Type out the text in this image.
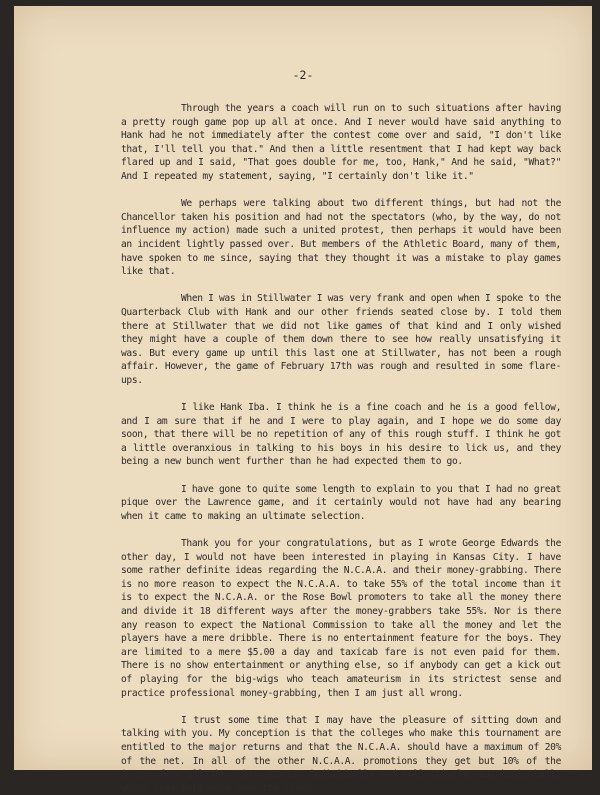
-2-

Through the years a coach will run on to such situations after having a pretty rough game pop up all at once. And I never would have said anything to Hank had he not immediately after the contest come over and said, "I don't like that, I'll tell you that." And then a little resentment that I had kept way back flared up and I said, "That goes double for me, too, Hank," And he said, "What?" And I repeated my statement, saying, "I certainly don't like it."

We perhaps were talking about two different things, but had not the Chancellor taken his position and had not the spectators (who, by the way, do not influence my action) made such a united protest, then perhaps it would have been an incident lightly passed over. But members of the Athletic Board, many of them, have spoken to me since, saying that they thought it was a mistake to play games like that.

When I was in Stillwater I was very frank and open when I spoke to the Quarterback Club with Hank and our other friends seated close by. I told them there at Stillwater that we did not like games of that kind and I only wished they might have a couple of them down there to see how really unsatisfying it was. But every game up until this last one at Stillwater, has not been a rough affair. However, the game of February 17th was rough and resulted in some flare-ups.

I like Hank Iba. I think he is a fine coach and he is a good fellow, and I am sure that if he and I were to play again, and I hope we do some day soon, that there will be no repetition of any of this rough stuff. I think he got a little overanxious in talking to his boys in his desire to lick us, and they being a new bunch went further than he had expected them to go.

I have gone to quite some length to explain to you that I had no great pique over the Lawrence game, and it certainly would not have had any bearing when it came to making an ultimate selection.

Thank you for your congratulations, but as I wrote George Edwards the other day, I would not have been interested in playing in Kansas City. I have some rather definite ideas regarding the N.C.A.A. and their money-grabbing. There is no more reason to expect the N.C.A.A. to take 55% of the total income than it is to expect the N.C.A.A. or the Rose Bowl promoters to take all the money there and divide it 18 different ways after the money-grabbers take 55%. Nor is there any reason to expect the National Commission to take all the money and let the players have a mere dribble. There is no entertainment feature for the boys. They are limited to a mere $5.00 a day and taxicab fare is not even paid for them. There is no show entertainment or anything else, so if anybody can get a kick out of playing for the big-wigs who teach amateurism in its strictest sense and practice professional money-grabbing, then I am just all wrong.

I trust some time that I may have the pleasure of sitting down and talking with you. My conception is that the colleges who make this tournament are entitled to the major returns and that the N.C.A.A. should have a maximum of 20% of the net. In all of the other N.C.A.A. promotions they get but 10% of the income from all the other sports, individually and collectively. But basketball, which they sold once down the river
